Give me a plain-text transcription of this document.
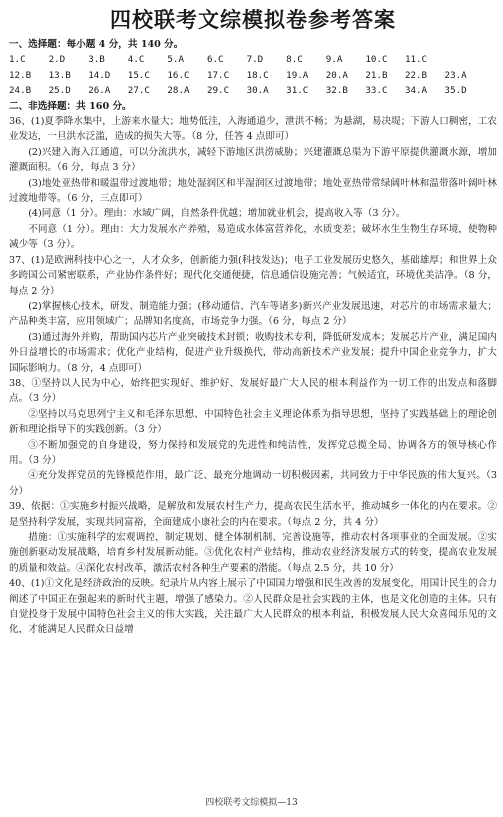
四校联考文综模拟卷参考答案
一、选择题：每小题 4 分，共 140 分。
1.C 2.D 3.B 4.C 5.A 6.C 7.D 8.C 9.A 10.C 11.C
12.B 13.B 14.D 15.C 16.C 17.C 18.C 19.A 20.A 21.B 22.B 23.A
24.B 25.D 26.A 27.C 28.A 29.C 30.A 31.C 32.B 33.C 34.A 35.D
二、非选择题：共 160 分。

36、(1)夏季降水集中，上游来水量大；地势低洼，入海通道少，泄洪不畅；为悬湖，易决堤；下游人口稠密，工农业发达，一旦洪水泛滥，造成的损失大等。（8 分，任答 4 点即可）

(2)兴建入海入江通道，可以分流洪水，减轻下游地区洪涝威胁；兴建灌溉总渠为下游平原提供灌溉水源，增加灌溉面积。（6 分，每点 3 分）

(3)地处亚热带和暖温带过渡地带；地处湿润区和半湿润区过渡地带；地处亚热带常绿阔叶林和温带落叶阔叶林过渡地带等。（6 分，三点即可）

(4)同意（1 分）。理由：水域广阔，自然条件优越；增加就业机会，提高收入等（3 分）。

不同意（1 分）。理由：大力发展水产养殖，易造成水体富营养化，水质变差；破坏水生生物生存环境，使物种减少等（3 分）。

37、(1)是欧洲科技中心之一，人才众多，创新能力强(科技发达)；电子工业发展历史悠久，基础雄厚；和世界上众多跨国公司紧密联系，产业协作条件好；现代化交通便捷，信息通信设施完善；气候适宜，环境优美洁净。（8 分，每点 2 分）

(2)掌握核心技术，研发、制造能力强；(移动通信、汽车等诸多)新兴产业发展迅速，对芯片的市场需求量大；产品种类丰富，应用领域广；品牌知名度高，市场竞争力强。（6 分，每点 2 分）

(3)通过海外并购，帮助国内芯片产业突破技术封锁；收购技术专利，降低研发成本；发展芯片产业，满足国内外日益增长的市场需求；优化产业结构，促进产业升级换代，带动高新技术产业发展；提升中国企业竞争力，扩大国际影响力。（8 分，4 点即可）

38、①坚持以人民为中心，始终把实现好、维护好、发展好最广大人民的根本利益作为一切工作的出发点和落脚点。（3 分）

②坚持以马克思列宁主义和毛泽东思想、中国特色社会主义理论体系为指导思想，坚持了实践基础上的理论创新和理论指导下的实践创新。（3 分）

③不断加强党的自身建设，努力保持和发展党的先进性和纯洁性，发挥党总揽全局、协调各方的领导核心作用。（3 分）

④充分发挥党员的先锋模范作用，最广泛、最充分地调动一切积极因素，共同致力于中华民族的伟大复兴。（3 分）

39、依据：①实施乡村振兴战略，是解放和发展农村生产力，提高农民生活水平，推动城乡一体化的内在要求。②是坚持科学发展，实现共同富裕，全面建成小康社会的内在要求。（每点 2 分，共 4 分）

措施：①实施科学的宏观调控，制定规划、健全体制机制、完善设施等，推动农村各项事业的全面发展。②实施创新驱动发展战略，培育乡村发展新动能。③优化农村产业结构，推动农业经济发展方式的转变，提高农业发展的质量和效益。④深化农村改革，激活农村各种生产要素的潜能。（每点 2.5 分，共 10 分）

40、(1)①文化是经济政治的反映。纪录片从内容上展示了中国国力增强和民生改善的发展变化，用国计民生的合力阐述了中国正在强起来的新时代主题，增强了感染力。②人民群众是社会实践的主体，也是文化创造的主体。只有自觉投身于发展中国特色社会主义的伟大实践，关注最广大人民群众的根本利益，积极发展人民大众喜闻乐见的文化，才能满足人民群众日益增

四校联考文综模拟—13
